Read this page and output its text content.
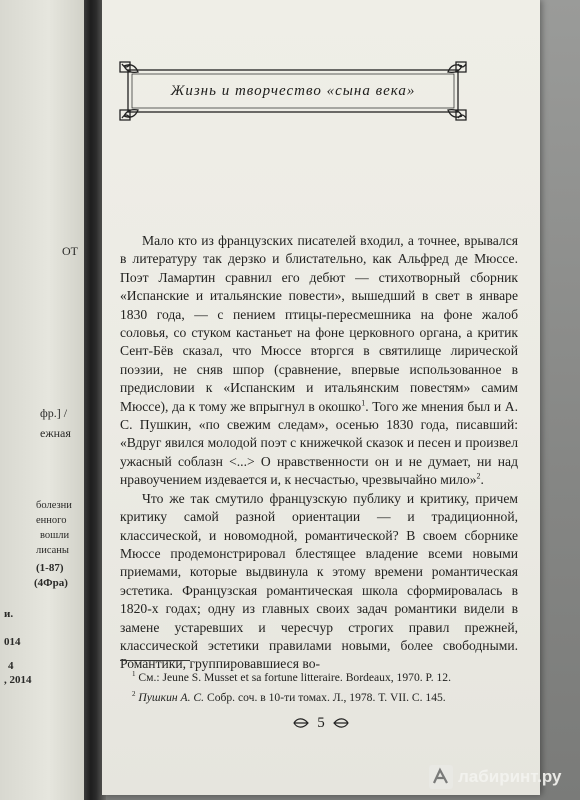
ОТ
фр.] /
ежная
болезни
енного
вошли
лисаны
(1-87)
(4Фра)
и.
014
4
, 2014
Жизнь и творчество «сына века»

Мало кто из французских писателей входил, а точнее, врывался в литературу так дерзко и блистательно, как Альфред де Мюссе. Поэт Ламартин сравнил его дебют — стихотворный сборник «Испанские и итальянские повести», вышедший в свет в январе 1830 года, — с пением птицы-пересмешника на фоне жалоб соловья, со стуком кастаньет на фоне церковного органа, а критик Сент-Бёв сказал, что Мюссе вторгся в святилище лирической поэзии, не сняв шпор (сравнение, впервые использованное в предисловии к «Испанским и итальянским повестям» самим Мюссе), да к тому же впрыгнул в окошко$^1$. Того же мнения был и А. С. Пушкин, «по свежим следам», осенью 1830 года, писавший: «Вдруг явился молодой поэт с книжечкой сказок и песен и произвел ужасный соблазн <...> О нравственности он и не думает, ни над нравоучением издевается и, к несчастью, чрезвычайно мило»$^2$.

Что же так смутило французскую публику и критику, причем критику самой разной ориентации — и традиционной, классической, и новомодной, романтической? В своем сборнике Мюссе продемонстрировал блестящее владение всеми новыми приемами, которые выдвинула к этому времени романтическая эстетика. Французская романтическая школа сформировалась в 1820-х годах; одну из главных своих задач романтики видели в замене устаревших и чересчур строгих правил прежней, классической эстетики правилами новыми, более свободными. Романтики, группировавшиеся во-

$^1$ См.: Jeune S. Musset et sa fortune litteraire. Bordeaux, 1970. P. 12.
$^2$ Пушкин А. С. Собр. соч. в 10-ти томах. Л., 1978. Т. VII. С. 145.
5
лабиринт.ру
